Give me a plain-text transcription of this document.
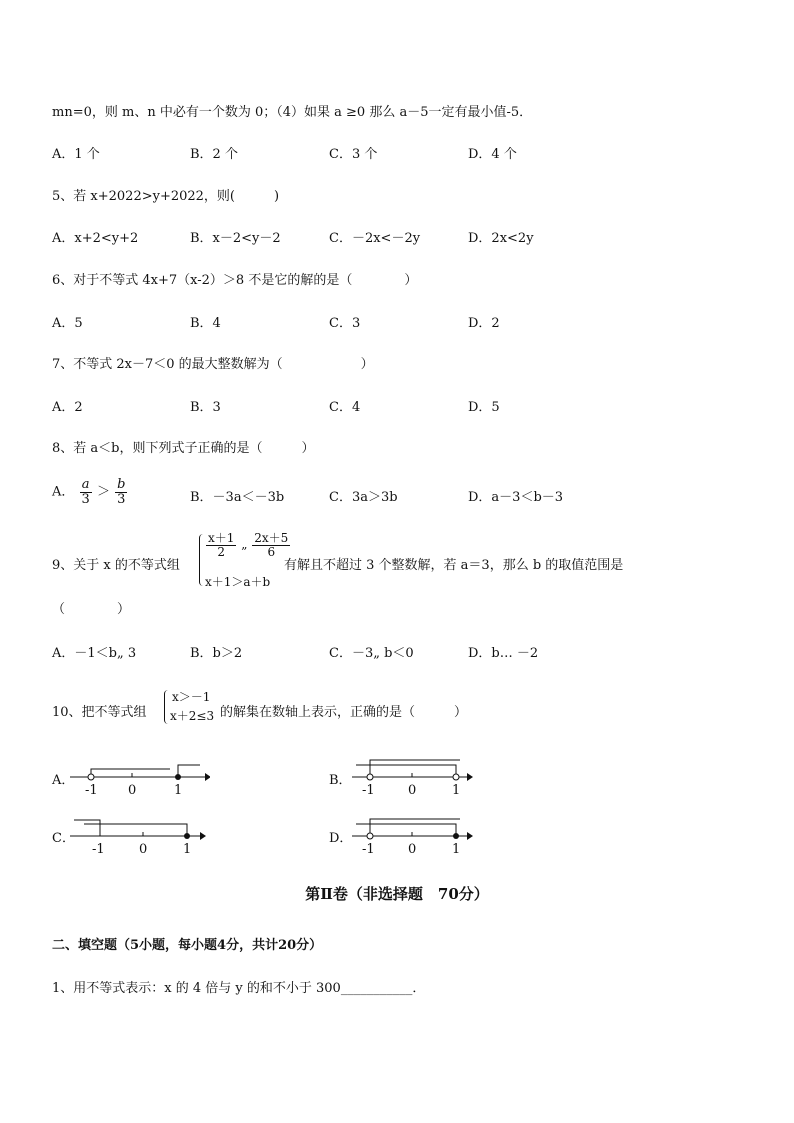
mn=0，则 m、n 中必有一个数为 0；（4）如果 a ≥0 那么 a－5一定有最小值-5．
A．1 个	B．2 个	C．3 个	D．4 个
5、若 x+2022>y+2022，则(　　　)
A．x+2<y+2	B．x－2<y－2	C．－2x<－2y	D．2x<2y
6、对于不等式 4x+7（x-2）＞8 不是它的解的是（　　　　）
A．5	B．4	C．3	D．2
7、不等式 2x－7＜0 的最大整数解为（　　　　　　）
A．2	B．3	C．4	D．5
8、若 a＜b，则下列式子正确的是（　　　）
A． $\frac{a}{3} > \frac{b}{3}$	B．－3a＜－3b	C．3a＞3b	D．a－3＜b－3
9、关于 x 的不等式组
$\frac{x+1}{2}$ „ $\frac{2x+5}{6}$
x＋1＞a＋b
有解且不超过 3 个整数解，若 a＝3，那么 b 的取值范围是
（　　　　）
A．－1＜b„ 3	B．b＞2	C．－3„ b＜0	D．b… －2
10、把不等式组
x＞－1
x＋2≤3 的解集在数轴上表示，正确的是（　　　）
A．	B．
C．	D．
-1 0	1	-1	0	1
-1	0	1	-1	0	1
第Ⅱ卷（非选择题　70分）
二、填空题（5小题，每小题4分，共计20分）
1、用不等式表示：x 的 4 倍与 y 的和不小于 300___________．
